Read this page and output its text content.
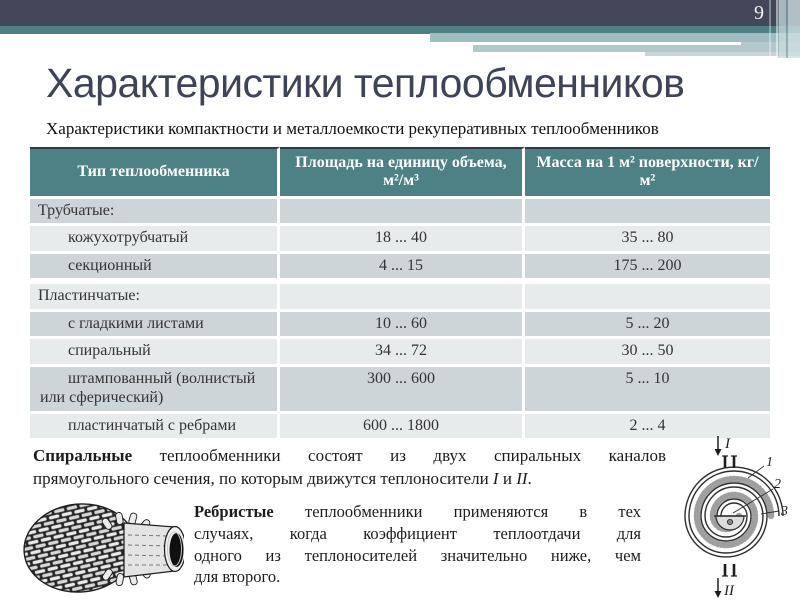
9
Характеристики теплообменников
Характеристики компактности и металлоемкости рекуперативных теплообменников
Тип теплообменника	Площадь на единицу объема, м²/м³	Масса на 1 м² поверхности, кг/м²
Трубчатые:		
кожухотрубчатый	18 ... 40	35 ... 80
секционный	4 ... 15	175 ... 200
Пластинчатые:		
с гладкими листами	10 ... 60	5 ... 20
спиральный	34 ... 72	30 ... 50
штампованный (волнистый или сферический)	300 ... 600	5 ... 10
пластинчатый с ребрами	600 ... 1800	2 ... 4

Спиральные теплообменники состоят из двух спиральных каналов
прямоугольного сечения, по которым движутся теплоносители I и II.

Ребристые теплообменники применяются в тех
случаях, когда коэффициент теплоотдачи для
одного из теплоносителей значительно ниже, чем
для второго.

I
II
1
2
3
